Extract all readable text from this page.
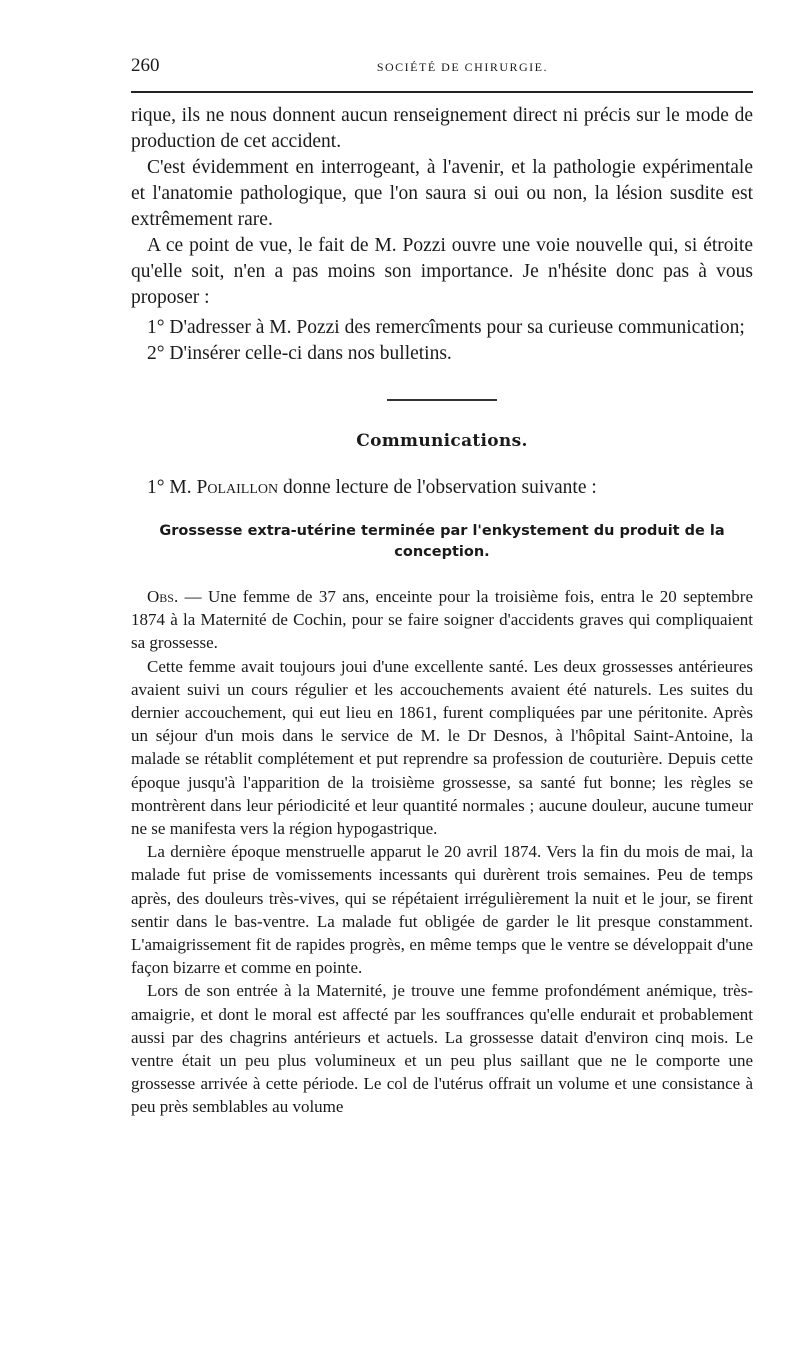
260	SOCIÉTÉ DE CHIRURGIE.

rique, ils ne nous donnent aucun renseignement direct ni précis sur le mode de production de cet accident.

C'est évidemment en interrogeant, à l'avenir, et la pathologie expérimentale et l'anatomie pathologique, que l'on saura si oui ou non, la lésion susdite est extrêmement rare.

A ce point de vue, le fait de M. Pozzi ouvre une voie nouvelle qui, si étroite qu'elle soit, n'en a pas moins son importance. Je n'hésite donc pas à vous proposer :

1° D'adresser à M. Pozzi des remercîments pour sa curieuse communication;

2° D'insérer celle-ci dans nos bulletins.

Communications.

1° M. Polaillon donne lecture de l'observation suivante :

Grossesse extra-utérine terminée par l'enkystement du produit de la conception.

Obs. — Une femme de 37 ans, enceinte pour la troisième fois, entra le 20 septembre 1874 à la Maternité de Cochin, pour se faire soigner d'accidents graves qui compliquaient sa grossesse.

Cette femme avait toujours joui d'une excellente santé. Les deux grossesses antérieures avaient suivi un cours régulier et les accouchements avaient été naturels. Les suites du dernier accouchement, qui eut lieu en 1861, furent compliquées par une péritonite. Après un séjour d'un mois dans le service de M. le Dr Desnos, à l'hôpital Saint-Antoine, la malade se rétablit complétement et put reprendre sa profession de couturière. Depuis cette époque jusqu'à l'apparition de la troisième grossesse, sa santé fut bonne; les règles se montrèrent dans leur périodicité et leur quantité normales ; aucune douleur, aucune tumeur ne se manifesta vers la région hypogastrique.

La dernière époque menstruelle apparut le 20 avril 1874. Vers la fin du mois de mai, la malade fut prise de vomissements incessants qui durèrent trois semaines. Peu de temps après, des douleurs très-vives, qui se répétaient irrégulièrement la nuit et le jour, se firent sentir dans le bas-ventre. La malade fut obligée de garder le lit presque constamment. L'amaigrissement fit de rapides progrès, en même temps que le ventre se développait d'une façon bizarre et comme en pointe.

Lors de son entrée à la Maternité, je trouve une femme profondément anémique, très-amaigrie, et dont le moral est affecté par les souffrances qu'elle endurait et probablement aussi par des chagrins antérieurs et actuels. La grossesse datait d'environ cinq mois. Le ventre était un peu plus volumineux et un peu plus saillant que ne le comporte une grossesse arrivée à cette période. Le col de l'utérus offrait un volume et une consistance à peu près semblables au volume
